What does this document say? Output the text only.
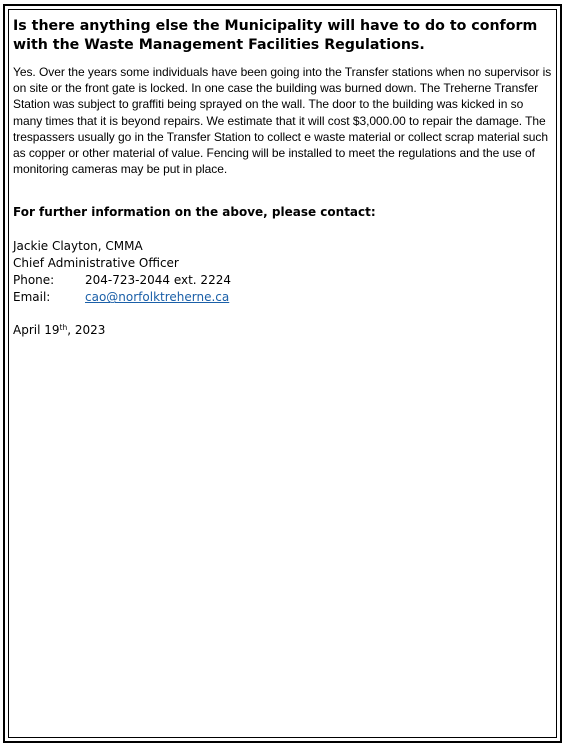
Is there anything else the Municipality will have to do to conform with the Waste Management Facilities Regulations.

Yes. Over the years some individuals have been going into the Transfer stations when no supervisor is on site or the front gate is locked. In one case the building was burned down. The Treherne Transfer Station was subject to graffiti being sprayed on the wall. The door to the building was kicked in so many times that it is beyond repairs. We estimate that it will cost $3,000.00 to repair the damage. The trespassers usually go in the Transfer Station to collect e waste material or collect scrap material such as copper or other material of value. Fencing will be installed to meet the regulations and the use of monitoring cameras may be put in place.

For further information on the above, please contact:

Jackie Clayton, CMMA
Chief Administrative Officer
Phone:	204-723-2044 ext. 2224
Email:	cao@norfolktreherne.ca
April 19th, 2023
